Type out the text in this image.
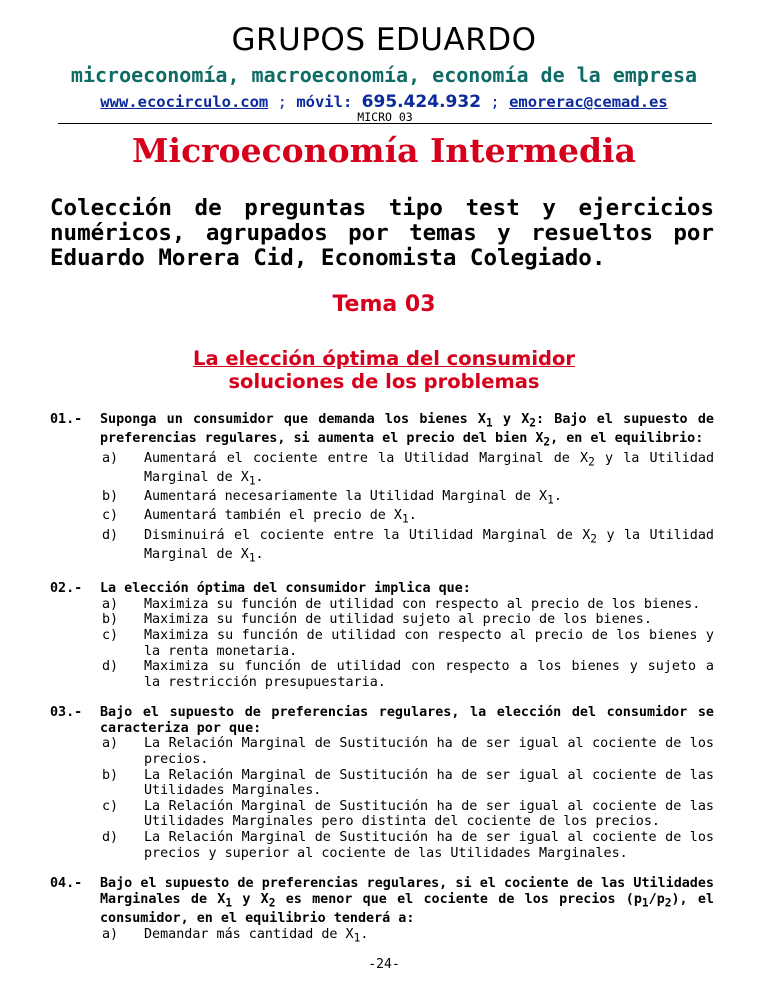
GRUPOS EDUARDO
microeconomía, macroeconomía, economía de la empresa
www.ecocirculo.com ; móvil: 695.424.932 ; emorerac@cemad.es
MICRO 03
Microeconomía Intermedia
Colección de preguntas tipo test y ejercicios numéricos, agrupados por temas y resueltos por Eduardo Morera Cid, Economista Colegiado.
Tema 03
La elección óptima del consumidor
soluciones de los problemas
01.- Suponga un consumidor que demanda los bienes $X_1$ y $X_2$: Bajo el supuesto de preferencias regulares, si aumenta el precio del bien $X_2$, en el equilibrio:
a) Aumentará el cociente entre la Utilidad Marginal de $X_2$ y la Utilidad Marginal de $X_1$.
b) Aumentará necesariamente la Utilidad Marginal de $X_1$.
c) Aumentará también el precio de $X_1$.
d) Disminuirá el cociente entre la Utilidad Marginal de $X_2$ y la Utilidad Marginal de $X_1$.
02.- La elección óptima del consumidor implica que:
a) Maximiza su función de utilidad con respecto al precio de los bienes.
b) Maximiza su función de utilidad sujeto al precio de los bienes.
c) Maximiza su función de utilidad con respecto al precio de los bienes y la renta monetaria.
d) Maximiza su función de utilidad con respecto a los bienes y sujeto a la restricción presupuestaria.
03.- Bajo el supuesto de preferencias regulares, la elección del consumidor se caracteriza por que:
a) La Relación Marginal de Sustitución ha de ser igual al cociente de los precios.
b) La Relación Marginal de Sustitución ha de ser igual al cociente de las Utilidades Marginales.
c) La Relación Marginal de Sustitución ha de ser igual al cociente de las Utilidades Marginales pero distinta del cociente de los precios.
d) La Relación Marginal de Sustitución ha de ser igual al cociente de los precios y superior al cociente de las Utilidades Marginales.
04.- Bajo el supuesto de preferencias regulares, si el cociente de las Utilidades Marginales de $X_1$ y $X_2$ es menor que el cociente de los precios $(p_1/p_2)$, el consumidor, en el equilibrio tenderá a:
a) Demandar más cantidad de $X_1$.
-24-
